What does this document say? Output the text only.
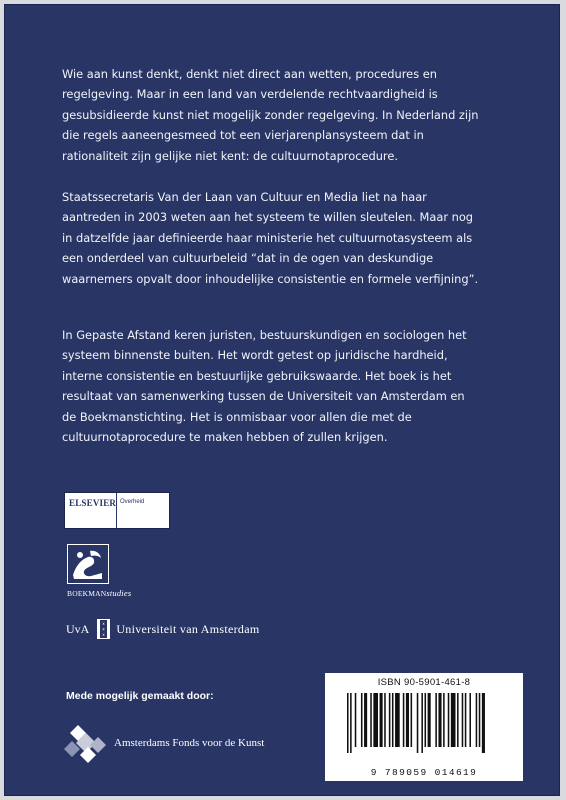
Wie aan kunst denkt, denkt niet direct aan wetten, procedures en regelgeving. Maar in een land van verdelende rechtvaardigheid is gesubsidieerde kunst niet mogelijk zonder regelgeving. In Nederland zijn die regels aaneengesmeed tot een vierjarenplansysteem dat in rationaliteit zijn gelijke niet kent: de cultuurnotaprocedure.

Staatssecretaris Van der Laan van Cultuur en Media liet na haar aantreden in 2003 weten aan het systeem te willen sleutelen. Maar nog in datzelfde jaar definieerde haar ministerie het cultuurnotasysteem als een onderdeel van cultuurbeleid “dat in de ogen van deskundige waarnemers opvalt door inhoudelijke consistentie en formele verfijning”.

In Gepaste Afstand keren juristen, bestuurskundigen en sociologen het systeem binnenste buiten. Het wordt getest op juridische hardheid, interne consistentie en bestuurlijke gebruikswaarde. Het boek is het resultaat van samenwerking tussen de Universiteit van Amsterdam en de Boekmanstichting. Het is onmisbaar voor allen die met de cultuurnotaprocedure te maken hebben of zullen krijgen.

ELSEVIER Overheid
BOEKMANstudies
UvA	x
x
x Universiteit van Amsterdam
ISBN 90-5901-461-8
9 789059 014619
Mede mogelijk gemaakt door:
Amsterdams Fonds voor de Kunst
